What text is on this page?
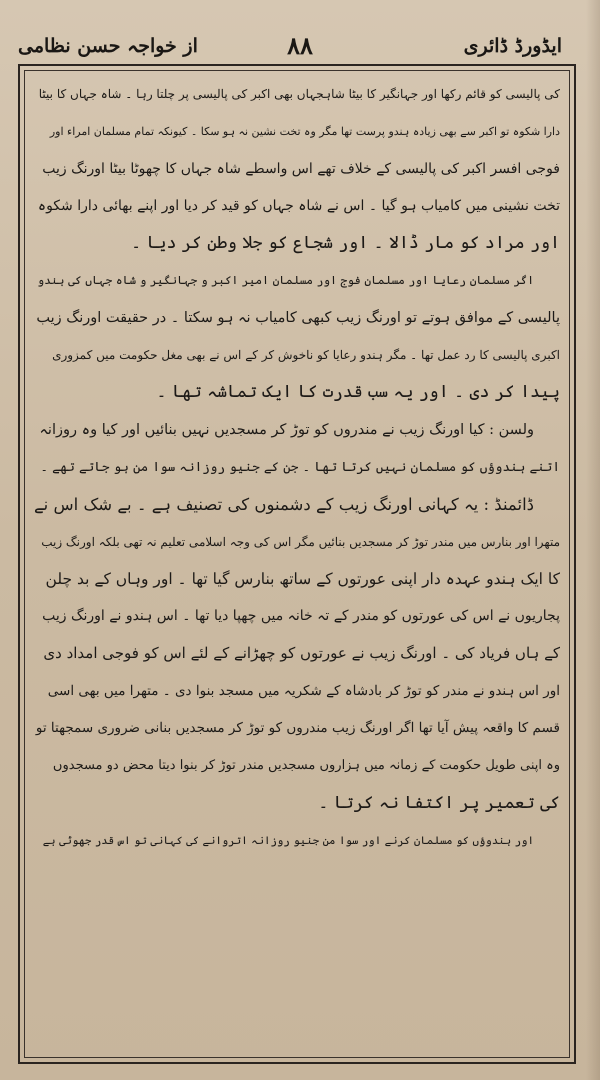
ایڈورڈ ڈائری
۸۸
از خواجہ حسن نظامی
کی پالیسی کو قائم رکھا اور جہانگیر کا بیٹا شاہجہاں بھی اکبر کی پالیسی پر چلتا رہا ۔ شاہ جہاں کا بیٹا
دارا شکوہ تو اکبر سے بھی زیادہ ہندو پرست تھا مگر وہ تخت نشین نہ ہو سکا ۔ کیونکہ تمام مسلمان امراء اور
فوجی افسر اکبر کی پالیسی کے خلاف تھے اس واسطے شاہ جہاں کا چھوٹا بیٹا اورنگ زیب
تخت نشینی میں کامیاب ہو گیا ۔ اس نے شاہ جہاں کو قید کر دیا اور اپنے بھائی دارا شکوہ
اور مراد کو مار ڈالا ۔ اور شجاع کو جلا وطن کر دیا ۔
اگر مسلمان رعایا اور مسلمان فوج اور مسلمان امیر اکبر و جہانگیر و شاہ جہاں کی ہندو
پالیسی کے موافق ہوتے تو اورنگ زیب کبھی کامیاب نہ ہو سکتا ۔ در حقیقت اورنگ زیب
اکبری پالیسی کا رد عمل تھا ۔ مگر ہندو رعایا کو ناخوش کر کے اس نے بھی مغل حکومت میں کمزوری
پیدا کر دی ۔ اور یہ سب قدرت کا ایک تماشہ تھا ۔
ولسن : کیا اورنگ زیب نے مندروں کو توڑ کر مسجدیں نہیں بنائیں اور کیا وہ روزانہ
اتنے ہندوؤں کو مسلمان نہیں کرتا تھا ۔ جن کے جنیو روزانہ سوا من ہو جاتے تھے ۔
ڈائمنڈ : یہ کہانی اورنگ زیب کے دشمنوں کی تصنیف ہے ۔ بے شک اس نے
متھرا اور بنارس میں مندر توڑ کر مسجدیں بنائیں مگر اس کی وجہ اسلامی تعلیم نہ تھی بلکہ اورنگ زیب
کا ایک ہندو عہدہ دار اپنی عورتوں کے ساتھ بنارس گیا تھا ۔ اور وہاں کے بد چلن
پجاریوں نے اس کی عورتوں کو مندر کے تہ خانہ میں چھپا دیا تھا ۔ اس ہندو نے اورنگ زیب
کے ہاں فریاد کی ۔ اورنگ زیب نے عورتوں کو چھڑانے کے لئے اس کو فوجی امداد دی
اور اس ہندو نے مندر کو توڑ کر بادشاہ کے شکریہ میں مسجد بنوا دی ۔ متھرا میں بھی اسی
قسم کا واقعہ پیش آیا تھا اگر اورنگ زیب مندروں کو توڑ کر مسجدیں بنانی ضروری سمجھتا تو
وہ اپنی طویل حکومت کے زمانہ میں ہزاروں مسجدیں مندر توڑ کر بنوا دیتا محض دو مسجدوں
کی تعمیر پر اکتفا نہ کرتا ۔
اور ہندوؤں کو مسلمان کرنے اور سوا من جنیو روزانہ اتروانے کی کہانی تو اس قدر جھوٹی ہے
